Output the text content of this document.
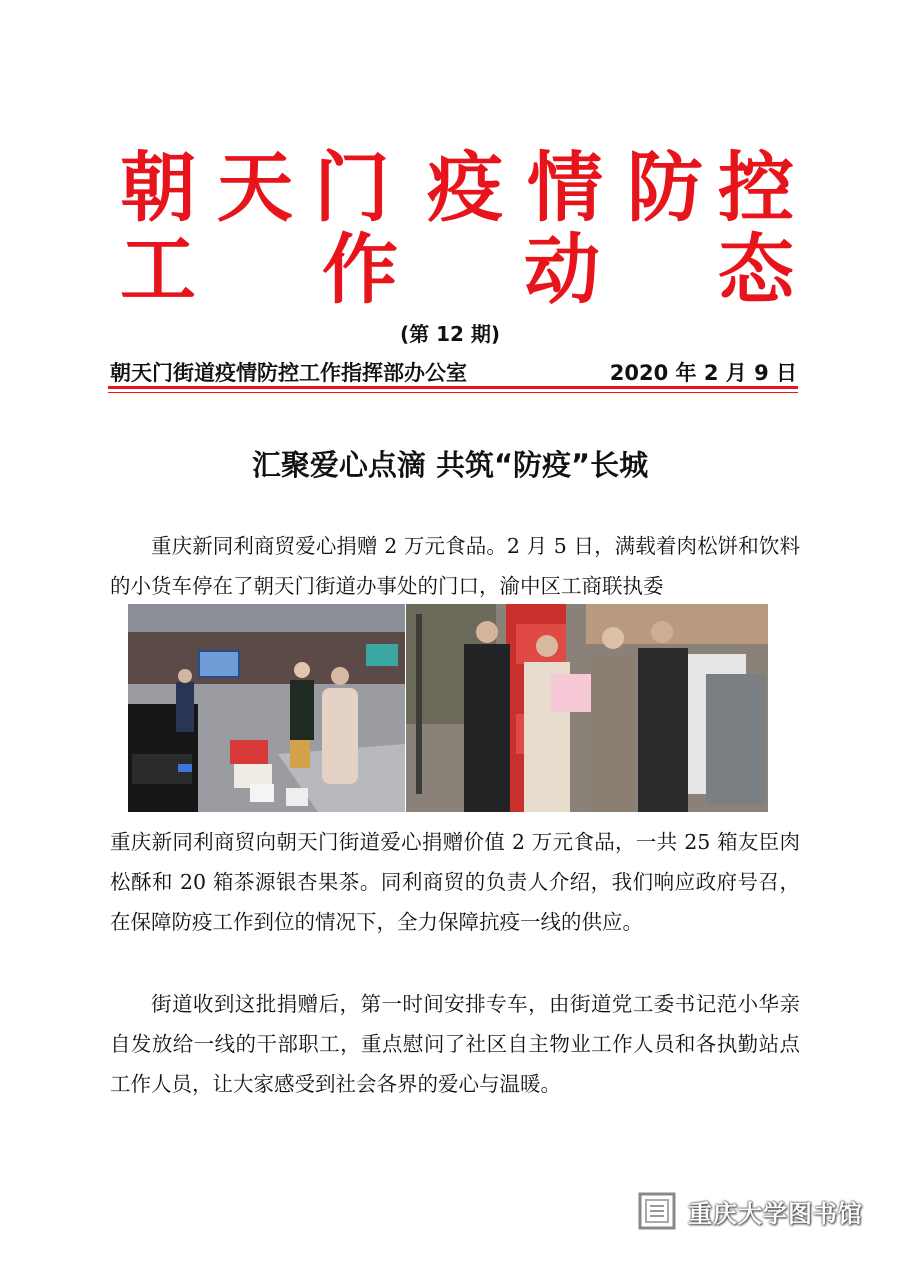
朝 天 门 疫 情 防 控
工 作 动 态
(第 12 期)
朝天门街道疫情防控工作指挥部办公室	2020 年 2 月 9 日
汇聚爱心点滴 共筑“防疫”长城

重庆新同利商贸爱心捐赠 2 万元食品。2 月 5 日，满载着肉松饼和饮料的小货车停在了朝天门街道办事处的门口，渝中区工商联执委

重庆新同利商贸向朝天门街道爱心捐赠价值 2 万元食品，一共 25 箱友臣肉松酥和 20 箱茶源银杏果茶。同利商贸的负责人介绍，我们响应政府号召，在保障防疫工作到位的情况下，全力保障抗疫一线的供应。

街道收到这批捐赠后，第一时间安排专车，由街道党工委书记范小华亲自发放给一线的干部职工，重点慰问了社区自主物业工作人员和各执勤站点工作人员，让大家感受到社会各界的爱心与温暖。

重庆大学图书馆
